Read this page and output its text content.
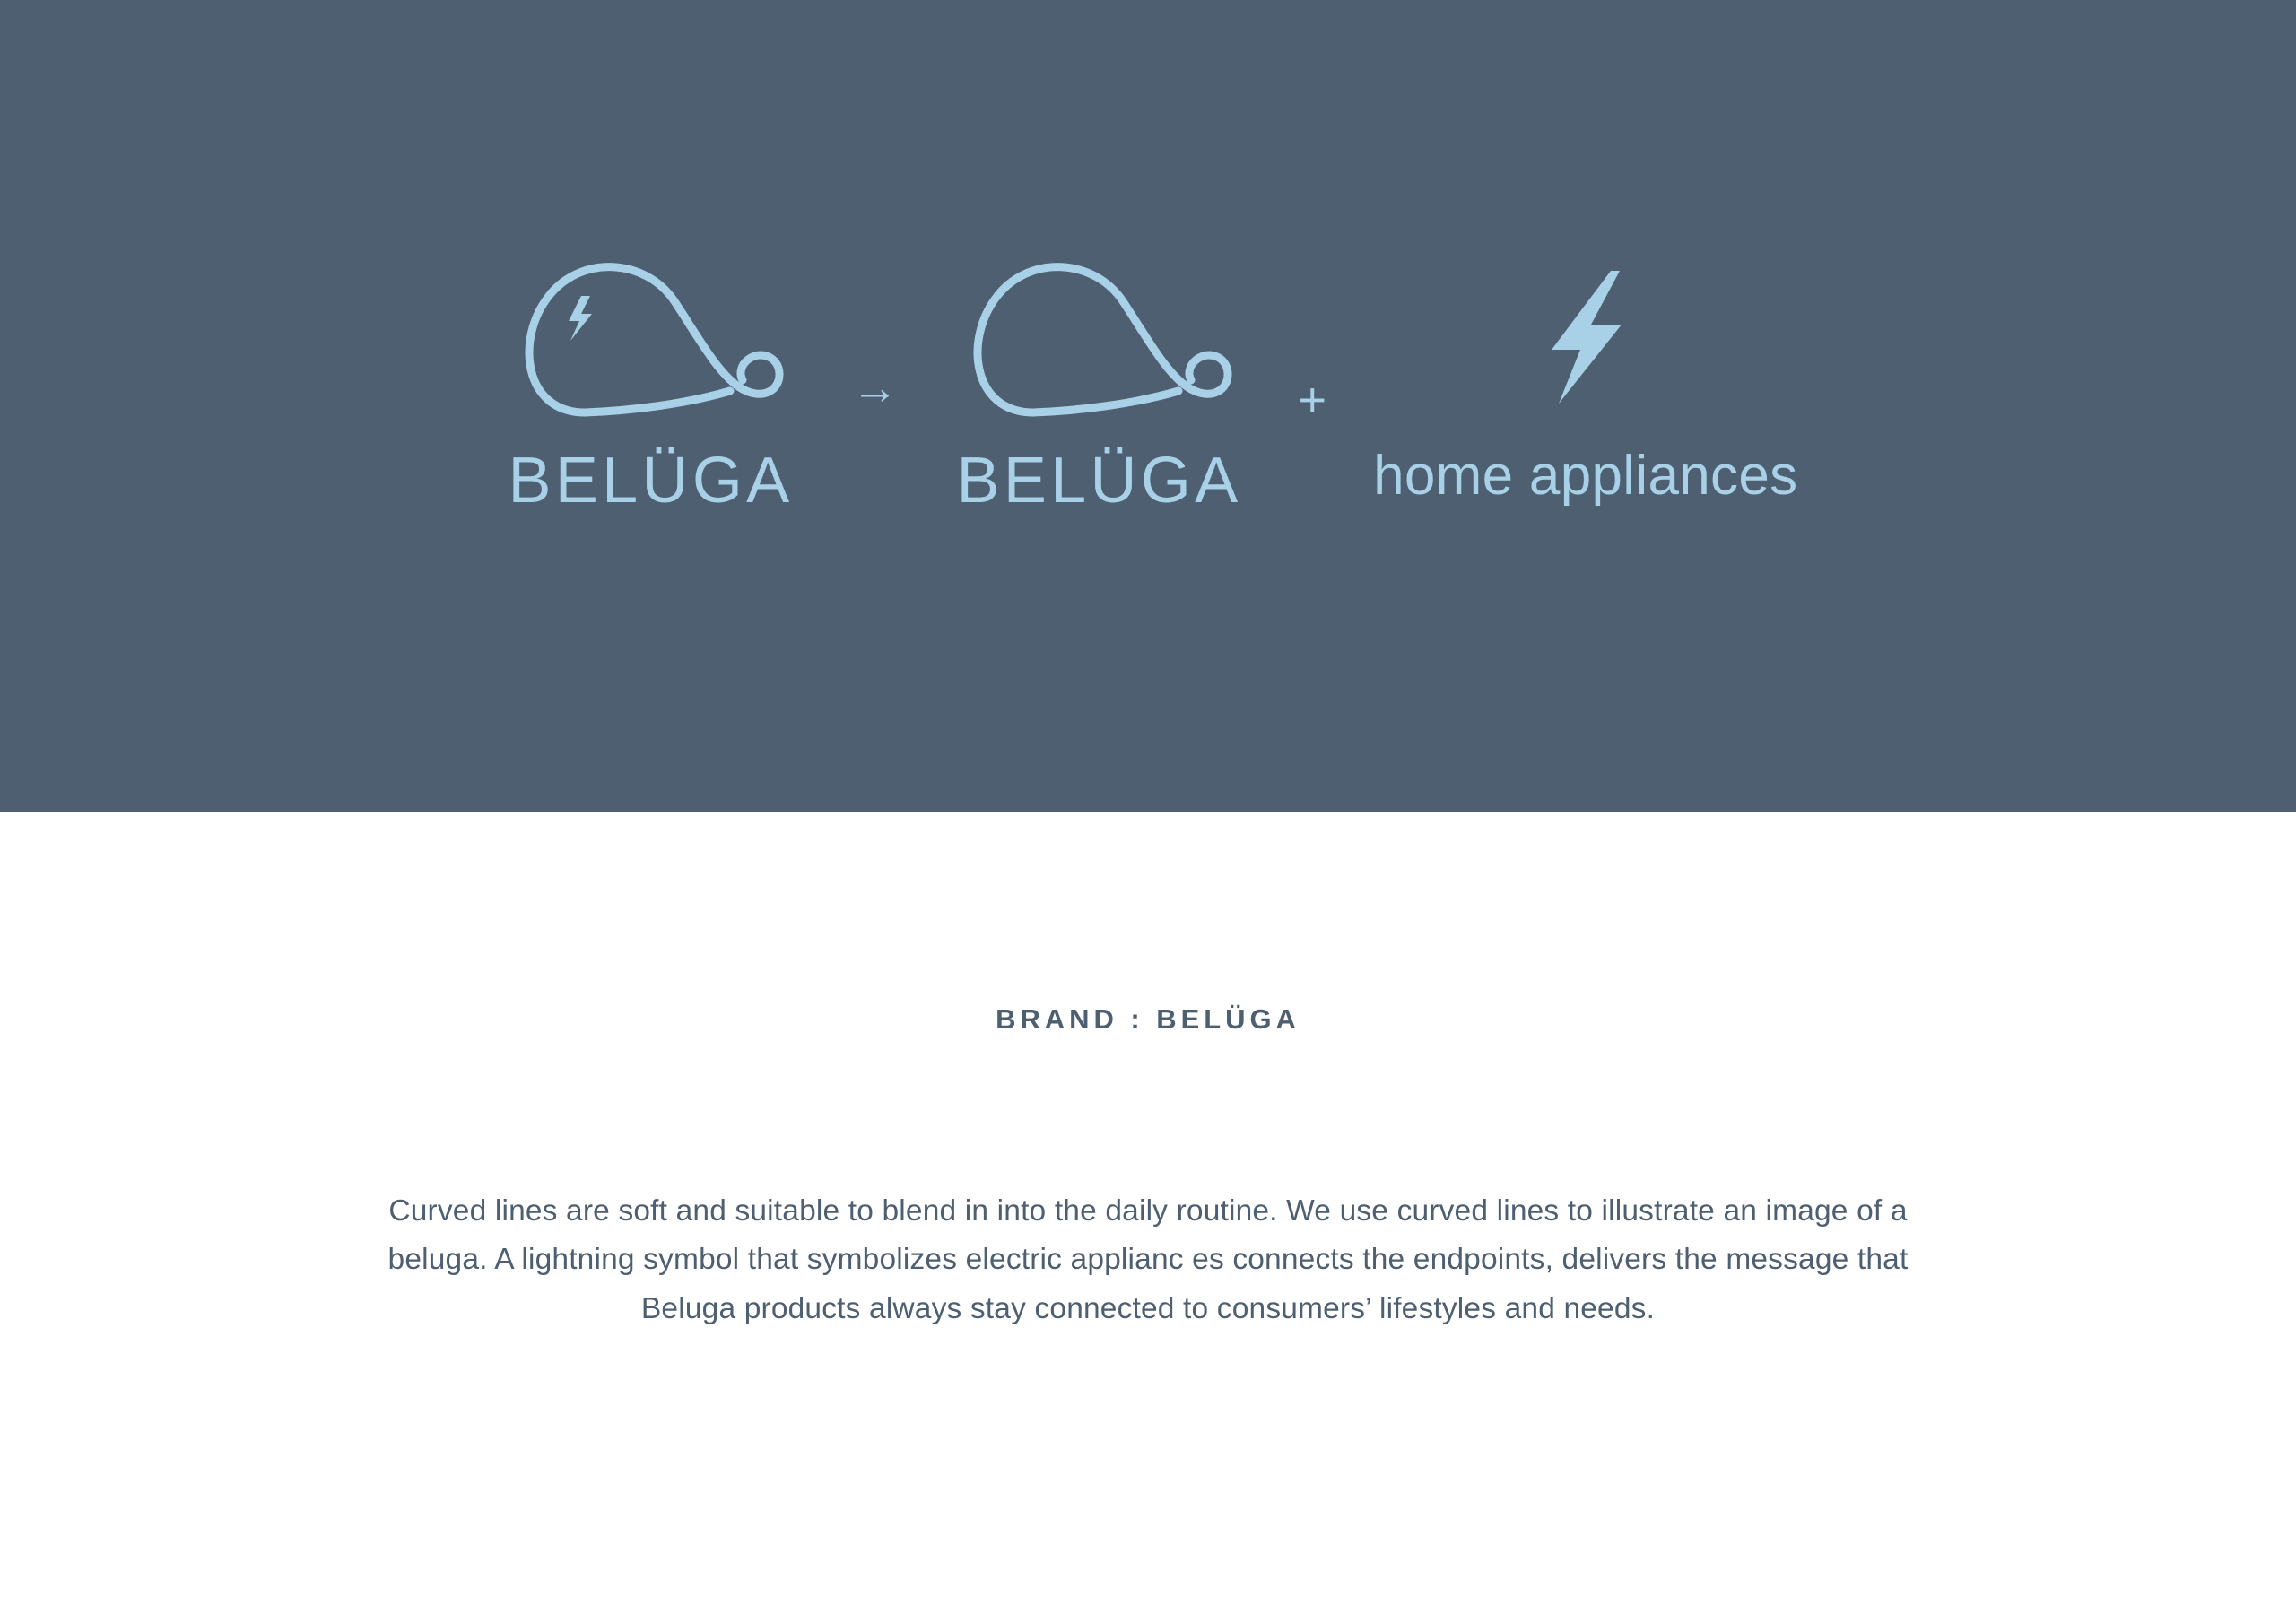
BELÜGA
→
BELÜGA
+
home appliances
BRAND : BELÜGA
Curved lines are soft and suitable to blend in into the daily routine. We use curved lines to illustrate an image of a beluga. A lightning symbol that symbolizes electric applianc es connects the endpoints, delivers the message that Beluga products always stay connected to consumers’ lifestyles and needs.
